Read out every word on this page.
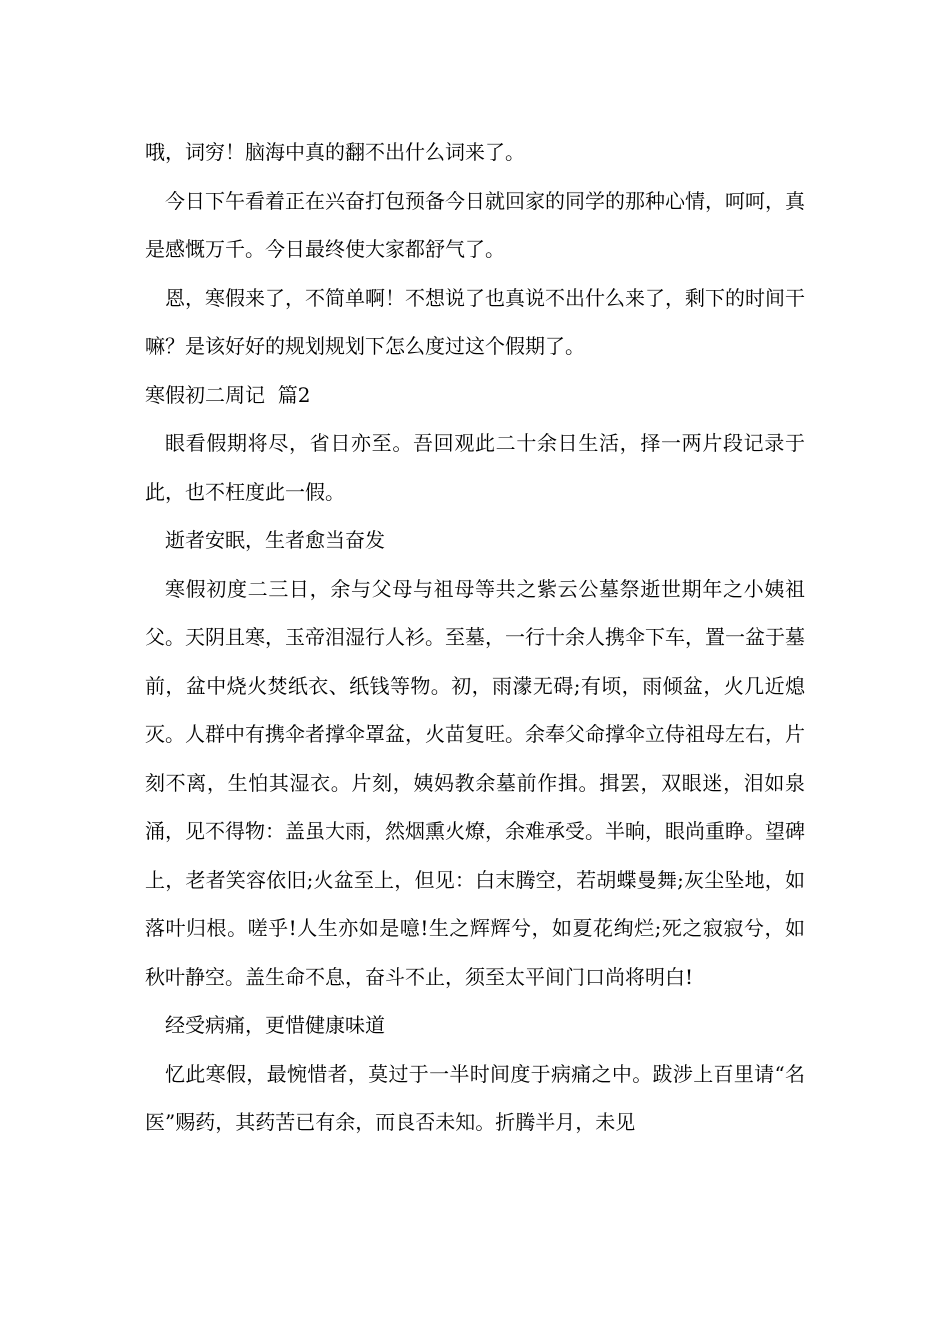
哦，词穷！脑海中真的翻不出什么词来了。

今日下午看着正在兴奋打包预备今日就回家的同学的那种心情，呵呵，真是感慨万千。今日最终使大家都舒气了。

恩，寒假来了，不简单啊！不想说了也真说不出什么来了，剩下的时间干嘛？是该好好的规划规划下怎么度过这个假期了。

寒假初二周记  篇2

眼看假期将尽，省日亦至。吾回观此二十余日生活，择一两片段记录于此，也不枉度此一假。

逝者安眠，生者愈当奋发

寒假初度二三日，余与父母与祖母等共之紫云公墓祭逝世期年之小姨祖父。天阴且寒，玉帝泪湿行人衫。至墓，一行十余人携伞下车，置一盆于墓前，盆中烧火焚纸衣、纸钱等物。初，雨濛无碍;有顷，雨倾盆，火几近熄灭。人群中有携伞者撑伞罩盆，火苗复旺。余奉父命撑伞立侍祖母左右，片刻不离，生怕其湿衣。片刻，姨妈教余墓前作揖。揖罢，双眼迷，泪如泉涌，见不得物：盖虽大雨，然烟熏火燎，余难承受。半晌，眼尚重睁。望碑上，老者笑容依旧;火盆至上，但见：白末腾空，若胡蝶曼舞;灰尘坠地，如落叶归根。嗟乎!人生亦如是噫!生之辉辉兮，如夏花绚烂;死之寂寂兮，如秋叶静空。盖生命不息，奋斗不止，须至太平间门口尚将明白!

经受病痛，更惜健康味道

忆此寒假，最惋惜者，莫过于一半时间度于病痛之中。跋涉上百里请“名医”赐药，其药苦已有余，而良否未知。折腾半月，未见
